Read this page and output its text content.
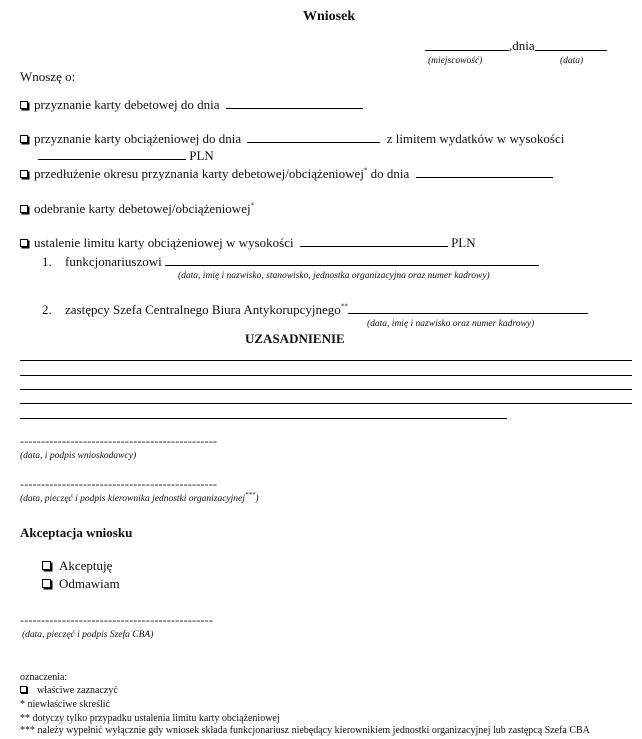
Wniosek
,dnia
(miejscowość)	(data)
Wnoszę o:
przyznanie karty debetowej do dnia
przyznanie karty obciążeniowej do dnia	z limitem wydatków w wysokości
PLN
przedłużenie okresu przyznania karty debetowej/obciążeniowej* do dnia
odebranie karty debetowej/obciążeniowej*
ustalenie limitu karty obciążeniowej w wysokości	PLN
1. funkcjonariuszowi
(data, imię i nazwisko, stanowisko, jednostka organizacyjna oraz numer kadrowy)
2. zastępcy Szefa Centralnego Biura Antykorupcyjnego**
(data, imię i nazwisko oraz numer kadrowy)
UZASADNIENIE
-----------------------------------------------
(data, i podpis wnioskodawcy)
-----------------------------------------------
(data, pieczęć i podpis kierownika jednostki organizacyjnej***)
Akceptacja wniosku
Akceptuję
Odmawiam
----------------------------------------------
(data, pieczęć i podpis Szefa CBA)
oznaczenia:
właściwe zaznaczyć
* niewłaściwe skreślić
** dotyczy tylko przypadku ustalenia limitu karty obciążeniowej
*** należy wypełnić wyłącznie gdy wniosek składa funkcjonariusz niebędący kierownikiem jednostki organizacyjnej lub zastępcą Szefa CBA
